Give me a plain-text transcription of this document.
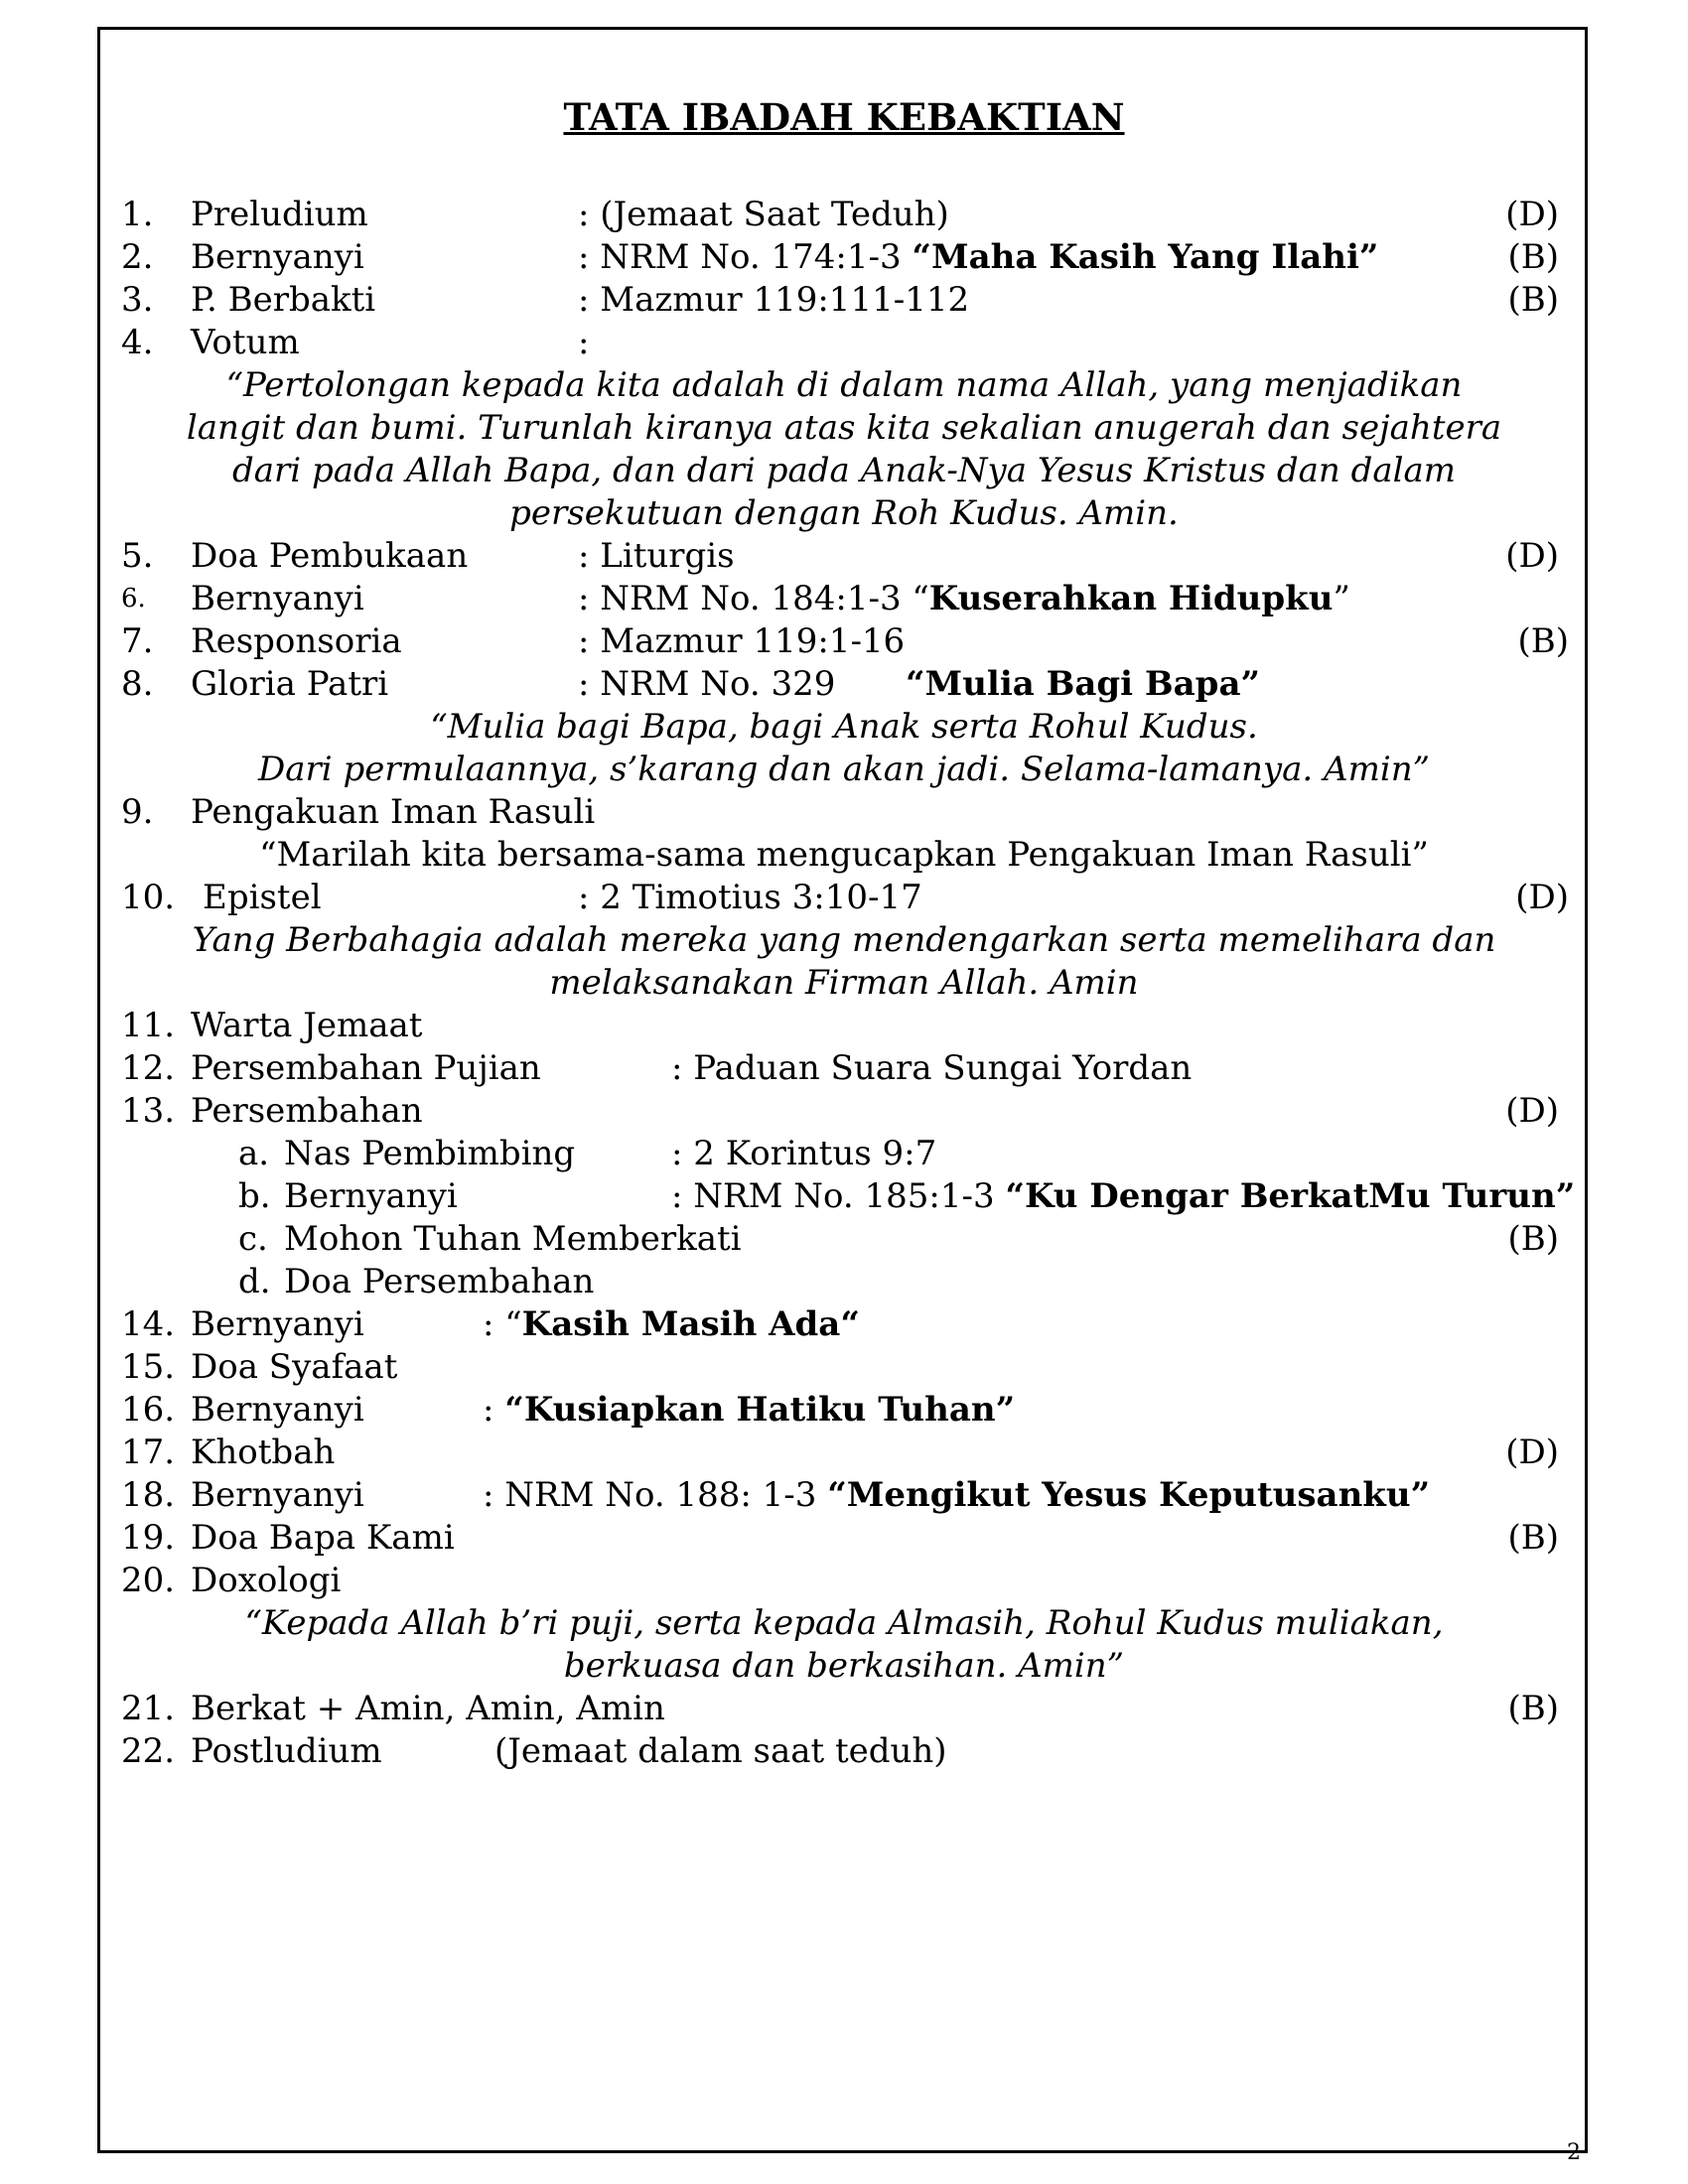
TATA IBADAH KEBAKTIAN
1. Preludium	: (Jemaat Saat Teduh)	(D)
2. Bernyanyi	: NRM No. 174:1-3 “Maha Kasih Yang Ilahi”	(B)
3. P. Berbakti	: Mazmur 119:111-112	(B)
4. Votum	:
“Pertolongan kepada kita adalah di dalam nama Allah, yang menjadikan
langit dan bumi. Turunlah kiranya atas kita sekalian anugerah dan sejahtera
dari pada Allah Bapa, dan dari pada Anak-Nya Yesus Kristus dan dalam
persekutuan dengan Roh Kudus. Amin.
5. Doa Pembukaan	: Liturgis	(D)
6. Bernyanyi	: NRM No. 184:1-3 “Kuserahkan Hidupku”
7. Responsoria	: Mazmur 119:1-16	(B)
8. Gloria Patri	: NRM No. 329 “Mulia Bagi Bapa”
“Mulia bagi Bapa, bagi Anak serta Rohul Kudus.
Dari permulaannya, s’karang dan akan jadi. Selama-lamanya. Amin”
9. Pengakuan Iman Rasuli
“Marilah kita bersama-sama mengucapkan Pengakuan Iman Rasuli”
10. Epistel	: 2 Timotius 3:10-17	(D)
Yang Berbahagia adalah mereka yang mendengarkan serta memelihara dan
melaksanakan Firman Allah. Amin
11. Warta Jemaat
12. Persembahan Pujian	: Paduan Suara Sungai Yordan
13. Persembahan	(D)
a. Nas Pembimbing	: 2 Korintus 9:7
b. Bernyanyi	: NRM No. 185:1-3 “Ku Dengar BerkatMu Turun”
c. Mohon Tuhan Memberkati	(B)
d. Doa Persembahan
14. Bernyanyi	: “Kasih Masih Ada“
15. Doa Syafaat
16. Bernyanyi	: “Kusiapkan Hatiku Tuhan”
17. Khotbah	(D)
18. Bernyanyi	: NRM No. 188: 1-3 “Mengikut Yesus Keputusanku”
19. Doa Bapa Kami	(B)
20. Doxologi
“Kepada Allah b’ri puji, serta kepada Almasih, Rohul Kudus muliakan,
berkuasa dan berkasihan. Amin”
21. Berkat + Amin, Amin, Amin	(B)
22. Postludium	(Jemaat dalam saat teduh)
2
